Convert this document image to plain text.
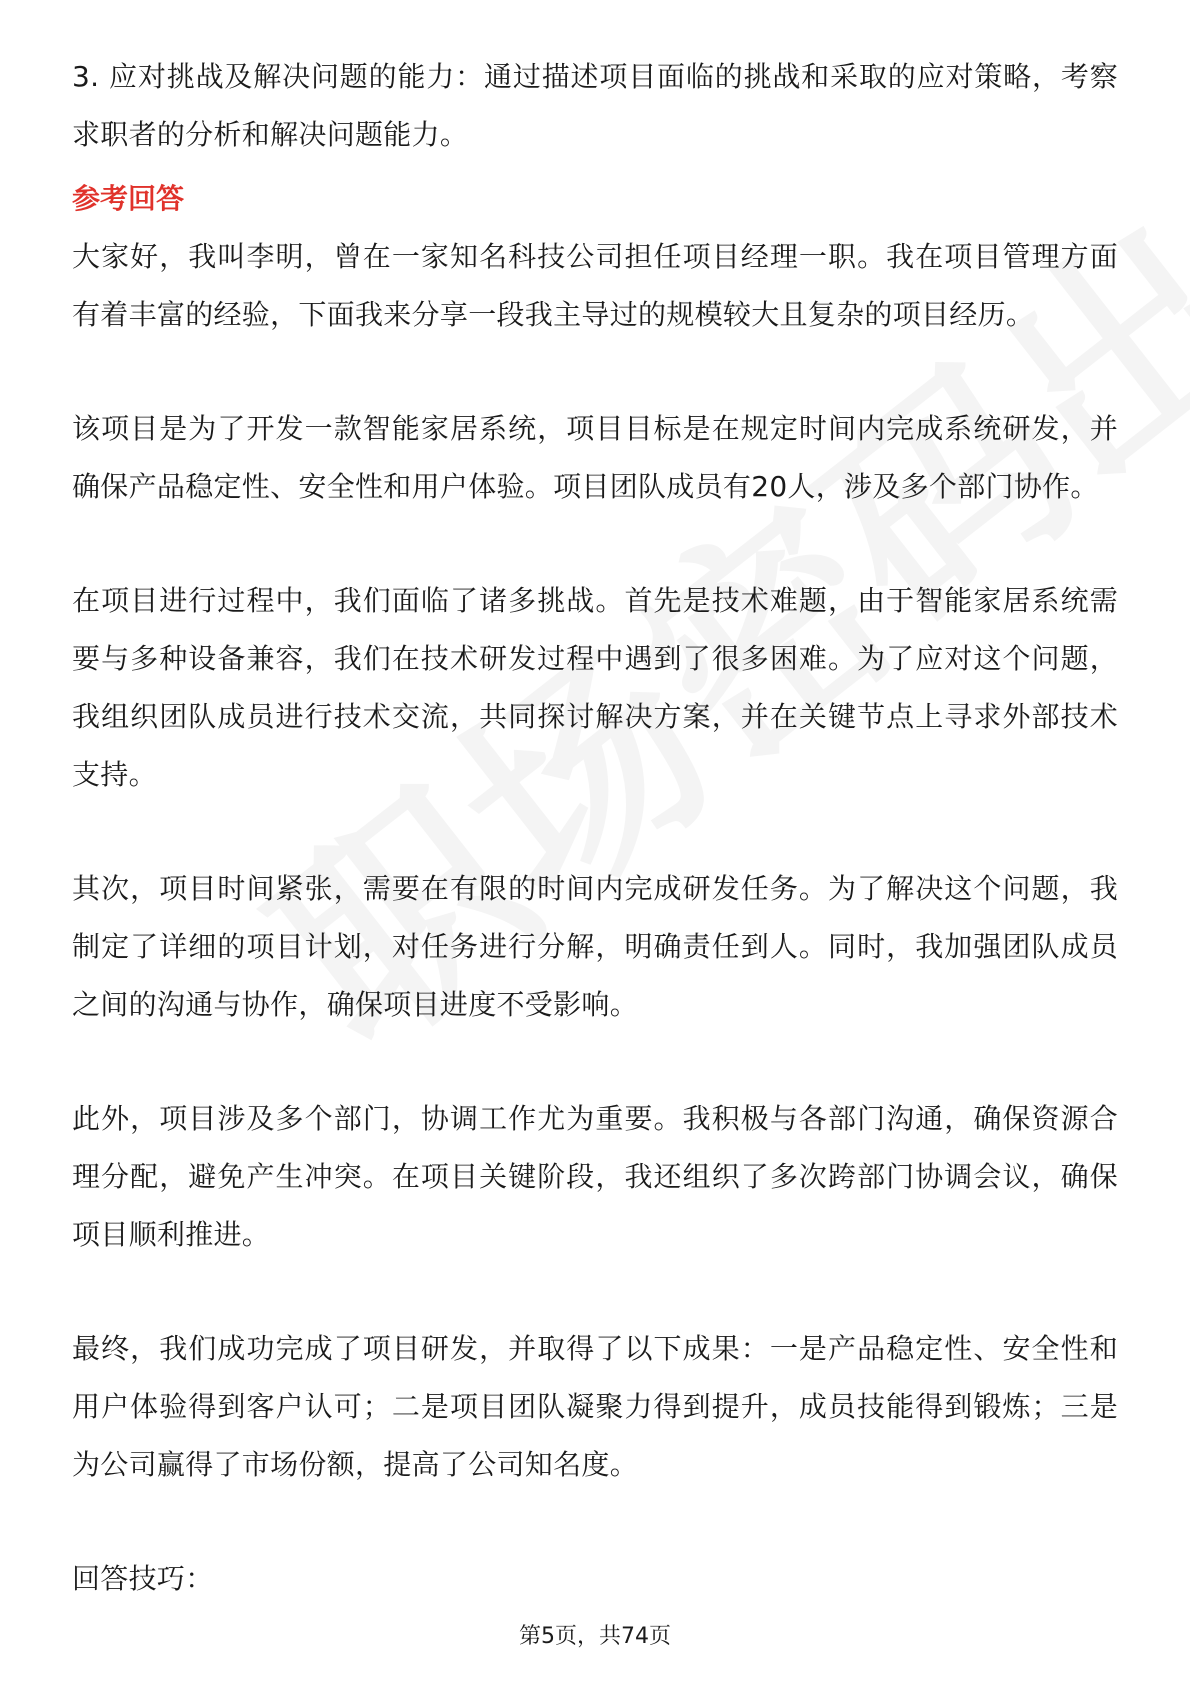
3. 应对挑战及解决问题的能力：通过描述项目面临的挑战和采取的应对策略，考察求职者的分析和解决问题能力。

参考回答

大家好，我叫李明，曾在一家知名科技公司担任项目经理一职。我在项目管理方面有着丰富的经验，下面我来分享一段我主导过的规模较大且复杂的项目经历。

该项目是为了开发一款智能家居系统，项目目标是在规定时间内完成系统研发，并确保产品稳定性、安全性和用户体验。项目团队成员有20人，涉及多个部门协作。

在项目进行过程中，我们面临了诸多挑战。首先是技术难题，由于智能家居系统需要与多种设备兼容，我们在技术研发过程中遇到了很多困难。为了应对这个问题，我组织团队成员进行技术交流，共同探讨解决方案，并在关键节点上寻求外部技术支持。

其次，项目时间紧张，需要在有限的时间内完成研发任务。为了解决这个问题，我制定了详细的项目计划，对任务进行分解，明确责任到人。同时，我加强团队成员之间的沟通与协作，确保项目进度不受影响。

此外，项目涉及多个部门，协调工作尤为重要。我积极与各部门沟通，确保资源合理分配，避免产生冲突。在项目关键阶段，我还组织了多次跨部门协调会议，确保项目顺利推进。

最终，我们成功完成了项目研发，并取得了以下成果：一是产品稳定性、安全性和用户体验得到客户认可；二是项目团队凝聚力得到提升，成员技能得到锻炼；三是为公司赢得了市场份额，提高了公司知名度。

回答技巧：

第5页，共74页
